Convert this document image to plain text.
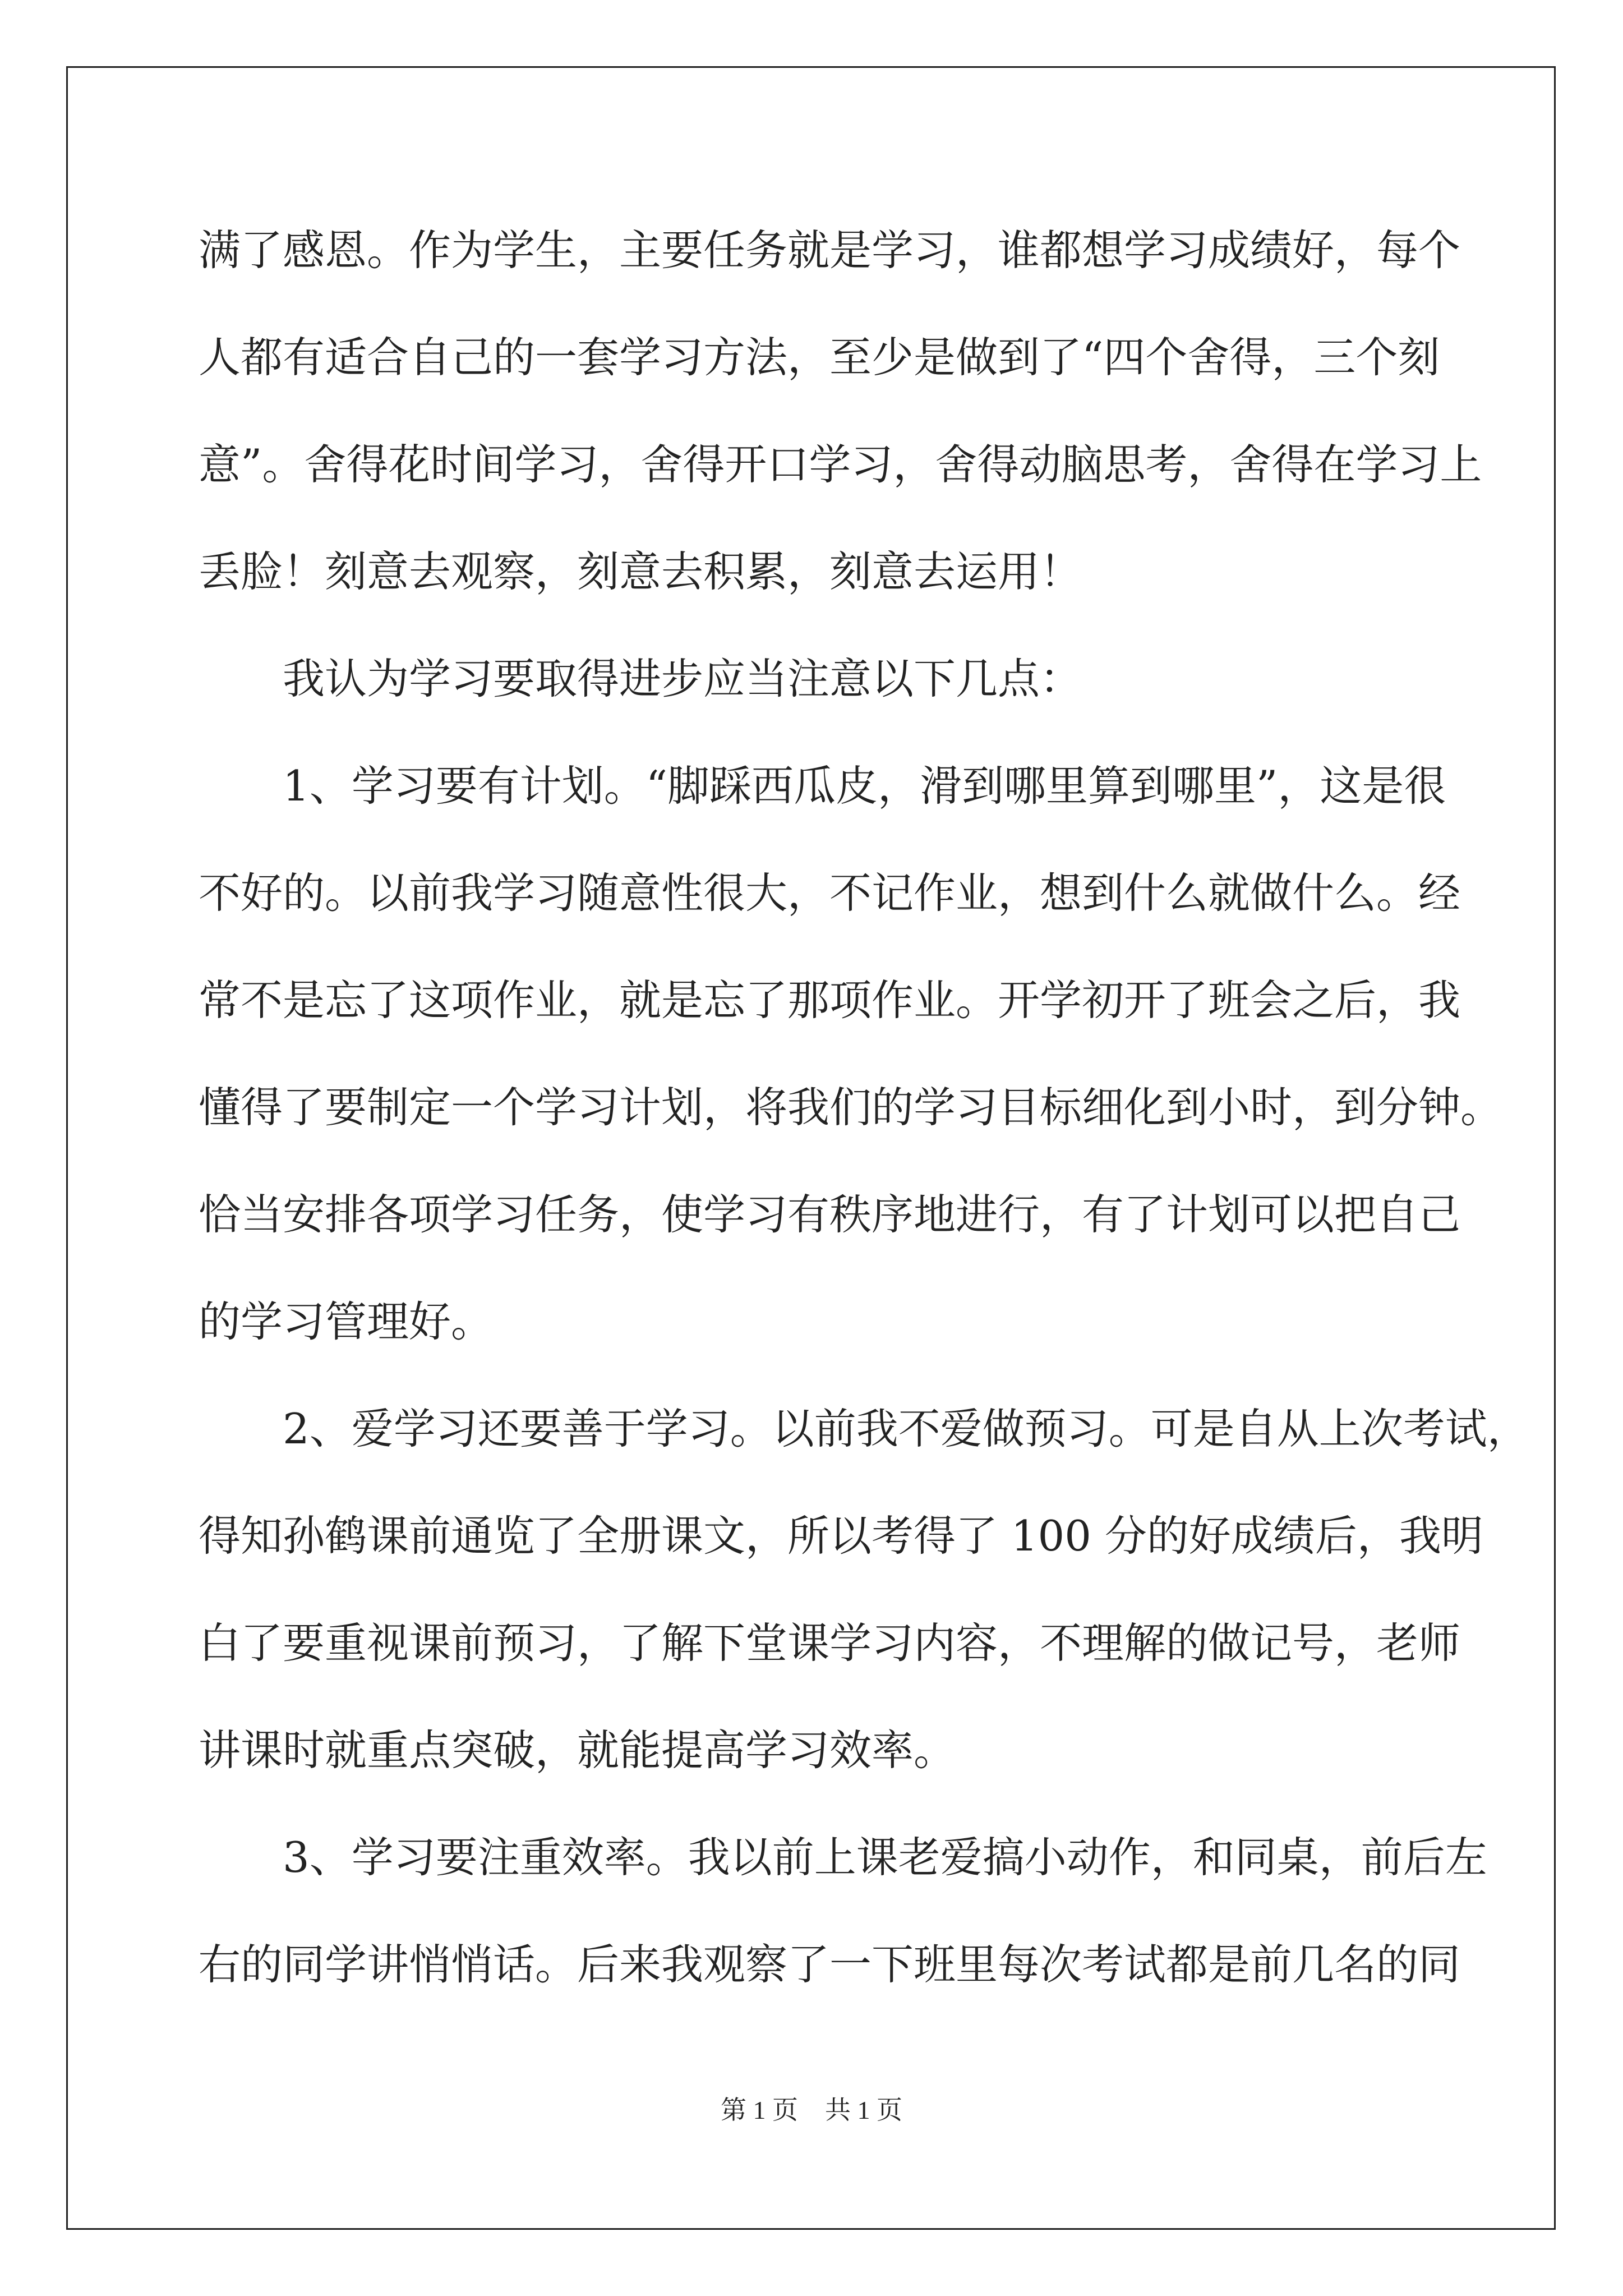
满了感恩。作为学生，主要任务就是学习，谁都想学习成绩好，每个

人都有适合自己的一套学习方法，至少是做到了“四个舍得，三个刻

意”。舍得花时间学习，舍得开口学习，舍得动脑思考，舍得在学习上

丢脸！刻意去观察，刻意去积累，刻意去运用！

　　我认为学习要取得进步应当注意以下几点：

　　1、学习要有计划。“脚踩西瓜皮，滑到哪里算到哪里”，这是很

不好的。以前我学习随意性很大，不记作业，想到什么就做什么。经

常不是忘了这项作业，就是忘了那项作业。开学初开了班会之后，我

懂得了要制定一个学习计划，将我们的学习目标细化到小时，到分钟。

恰当安排各项学习任务，使学习有秩序地进行，有了计划可以把自己

的学习管理好。

　　2、爱学习还要善于学习。以前我不爱做预习。可是自从上次考试，

得知孙鹤课前通览了全册课文，所以考得了 100 分的好成绩后，我明

白了要重视课前预习，了解下堂课学习内容，不理解的做记号，老师

讲课时就重点突破，就能提高学习效率。

　　3、学习要注重效率。我以前上课老爱搞小动作，和同桌，前后左

右的同学讲悄悄话。后来我观察了一下班里每次考试都是前几名的同

第 1 页 共 1 页
